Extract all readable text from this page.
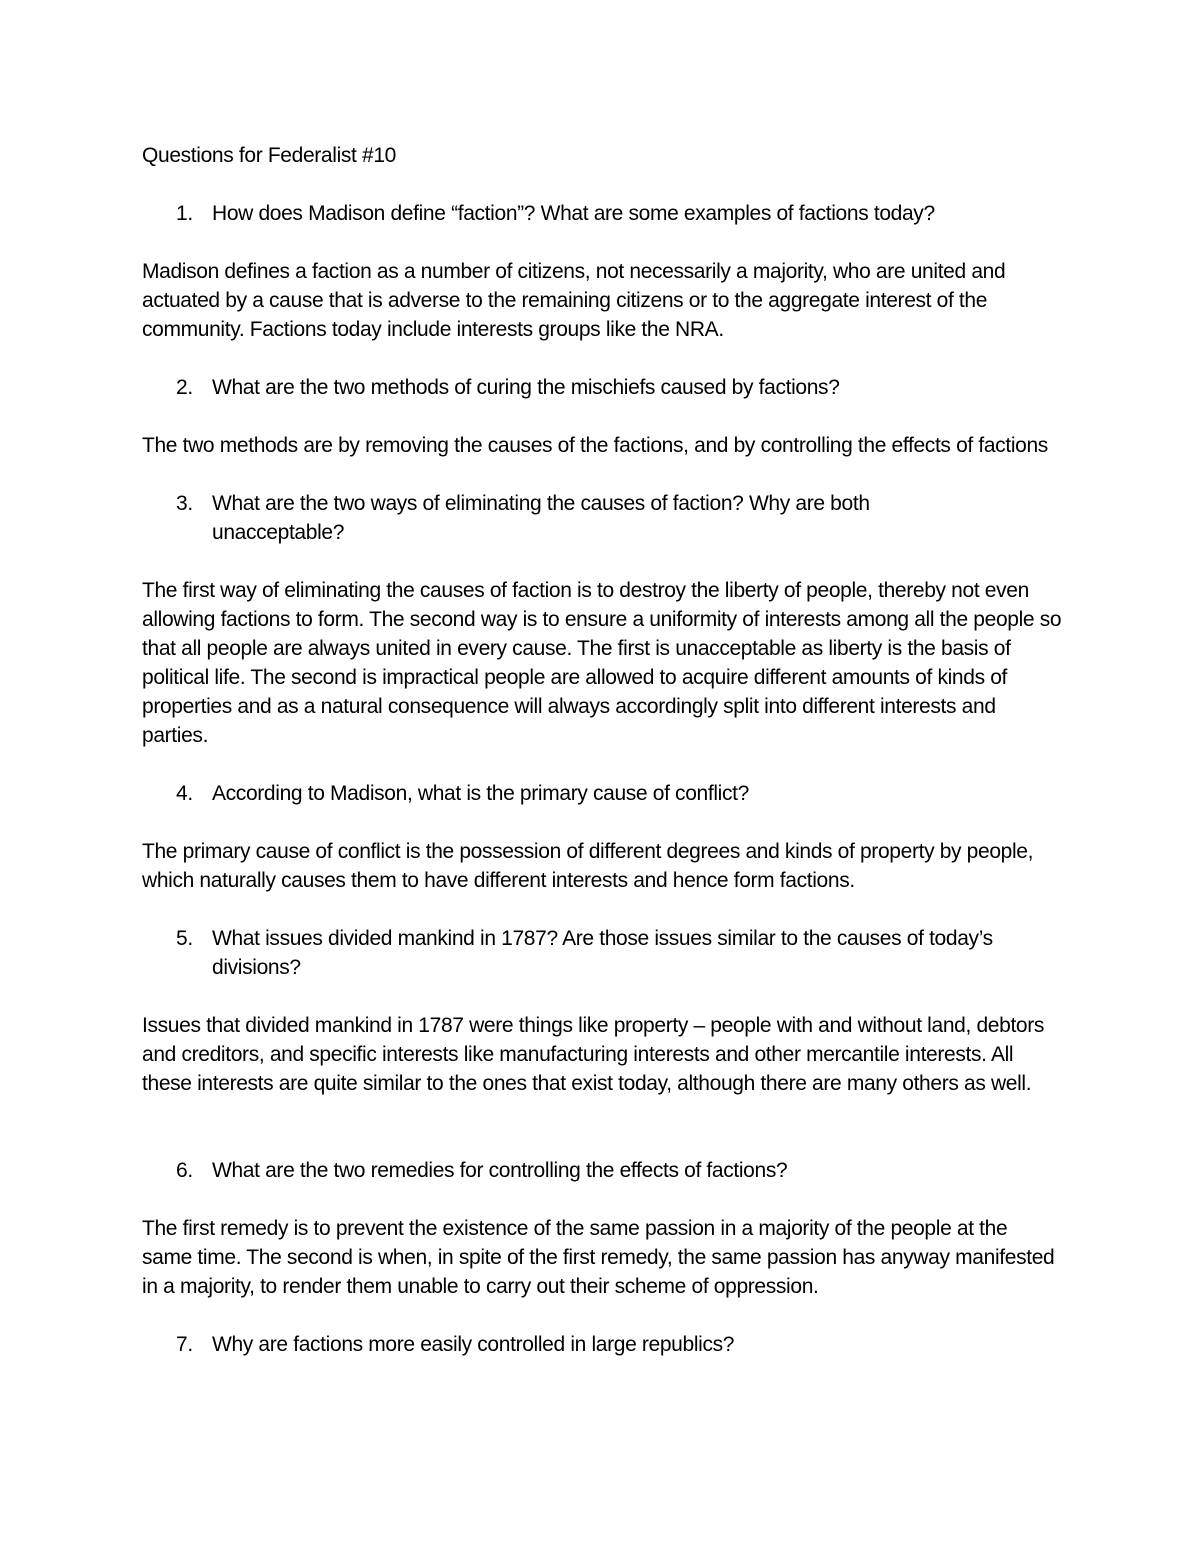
Questions for Federalist #10

1. How does Madison define “faction”? What are some examples of factions today?

Madison defines a faction as a number of citizens, not necessarily a majority, who are united and actuated by a cause that is adverse to the remaining citizens or to the aggregate interest of the community. Factions today include interests groups like the NRA.

2. What are the two methods of curing the mischiefs caused by factions?

The two methods are by removing the causes of the factions, and by controlling the effects of factions

3. What are the two ways of eliminating the causes of faction? Why are both unacceptable?

The first way of eliminating the causes of faction is to destroy the liberty of people, thereby not even allowing factions to form. The second way is to ensure a uniformity of interests among all the people so that all people are always united in every cause. The first is unacceptable as liberty is the basis of political life. The second is impractical people are allowed to acquire different amounts of kinds of properties and as a natural consequence will always accordingly split into different interests and parties.

4. According to Madison, what is the primary cause of conflict?

The primary cause of conflict is the possession of different degrees and kinds of property by people, which naturally causes them to have different interests and hence form factions.

5. What issues divided mankind in 1787? Are those issues similar to the causes of today’s divisions?

Issues that divided mankind in 1787 were things like property – people with and without land, debtors and creditors, and specific interests like manufacturing interests and other mercantile interests. All these interests are quite similar to the ones that exist today, although there are many others as well.

6. What are the two remedies for controlling the effects of factions?

The first remedy is to prevent the existence of the same passion in a majority of the people at the same time. The second is when, in spite of the first remedy, the same passion has anyway manifested in a majority, to render them unable to carry out their scheme of oppression.

7. Why are factions more easily controlled in large republics?
